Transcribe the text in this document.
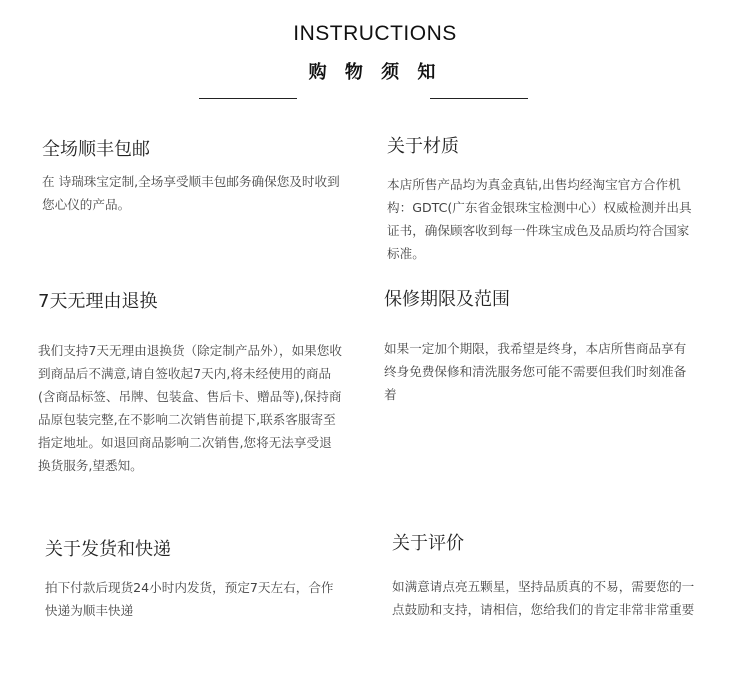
INSTRUCTIONS
购 物 须 知
全场顺丰包邮

在 诗瑞珠宝定制,全场享受顺丰包邮务确保您及时收到您心仪的产品。

关于材质

本店所售产品均为真金真钻,出售均经淘宝官方合作机构：GDTC(广东省金银珠宝检测中心）权威检测并出具证书，确保顾客收到每一件珠宝成色及品质均符合国家标准。

7天无理由退换

我们支持7天无理由退换货（除定制产品外），如果您收到商品后不满意,请自签收起7天内,将未经使用的商品(含商品标签、吊牌、包装盒、售后卡、赠品等),保持商品原包装完整,在不影响二次销售前提下,联系客服寄至指定地址。如退回商品影响二次销售,您将无法享受退换货服务,望悉知。

保修期限及范围

如果一定加个期限，我希望是终身，本店所售商品享有终身免费保修和清洗服务您可能不需要但我们时刻准备着

关于发货和快递

拍下付款后现货24小时内发货，预定7天左右，合作快递为顺丰快递

关于评价

如满意请点亮五颗星，坚持品质真的不易，需要您的一点鼓励和支持，请相信，您给我们的肯定非常非常重要
